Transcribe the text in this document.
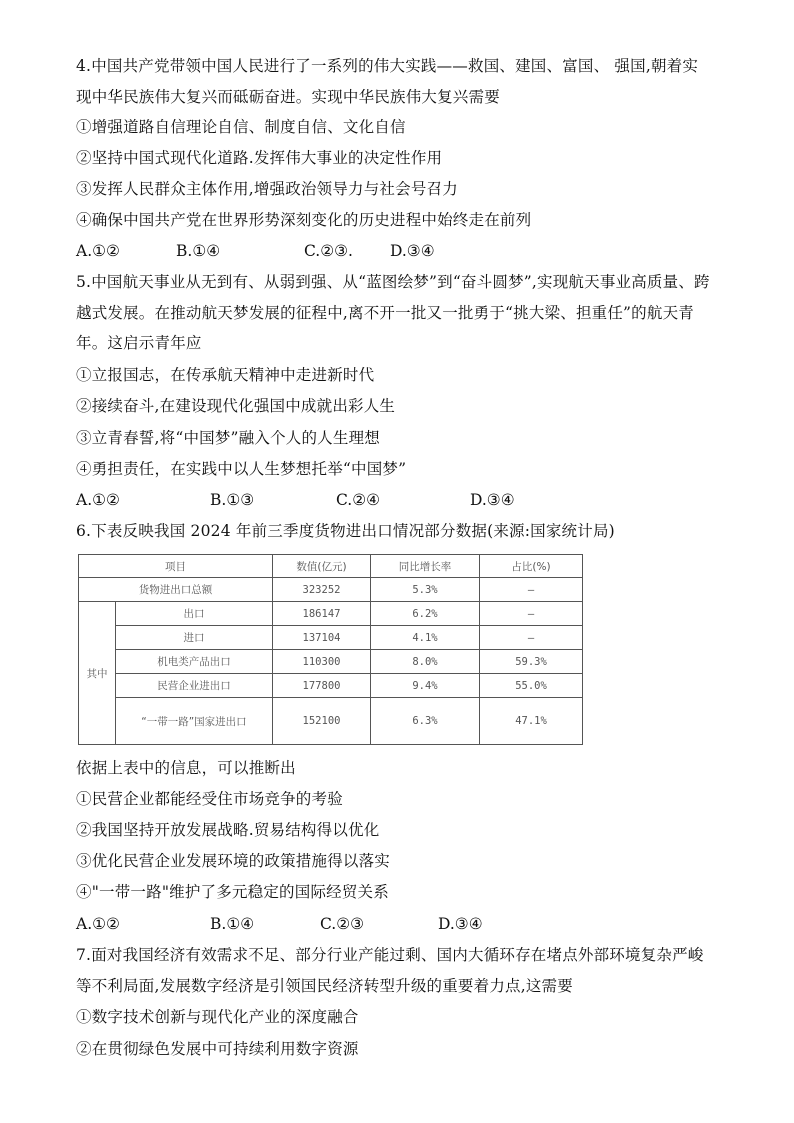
4.中国共产党带领中国人民进行了一系列的伟大实践——救国、建国、富国、 强国,朝着实
现中华民族伟大复兴而砥砺奋进。实现中华民族伟大复兴需要
①增强道路自信理论自信、制度自信、文化自信
②坚持中国式现代化道路.发挥伟大事业的决定性作用
③发挥人民群众主体作用,增强政治领导力与社会号召力
④确保中国共产党在世界形势深刻变化的历史进程中始终走在前列
A.①②	B.①④	C.②③. D.③④
5.中国航天事业从无到有、从弱到强、从“蓝图绘梦”到“奋斗圆梦”,实现航天事业高质量、跨
越式发展。在推动航天梦发展的征程中,离不开一批又一批勇于“挑大梁、担重任”的航天青
年。这启示青年应
①立报国志，在传承航天精神中走进新时代
②接续奋斗,在建设现代化强国中成就出彩人生
③立青春誓,将“中国梦”融入个人的人生理想
④勇担责任，在实践中以人生梦想托举“中国梦”
A.①②	B.①③	C.②④	D.③④
6.下表反映我国 2024 年前三季度货物进出口情况部分数据(来源:国家统计局)
项目		数值(亿元)	同比增长率	占比(%)
货物进出口总额		323252	5.3%	—
其中	出口	186147	6.2%	—
	进口	137104	4.1%	—
	机电类产品出口	110300	8.0%	59.3%
	民营企业进出口	177800	9.4%	55.0%
	“一带一路”国家进出口	152100	6.3%	47.1%
依据上表中的信息，可以推断出
①民营企业都能经受住市场竞争的考验
②我国坚持开放发展战略.贸易结构得以优化
③优化民营企业发展环境的政策措施得以落实
④"一带一路"维护了多元稳定的国际经贸关系
A.①②	B.①④	C.②③	D.③④
7.面对我国经济有效需求不足、部分行业产能过剩、国内大循环存在堵点外部环境复杂严峻
等不利局面,发展数字经济是引领国民经济转型升级的重要着力点,这需要
①数字技术创新与现代化产业的深度融合
②在贯彻绿色发展中可持续利用数字资源
